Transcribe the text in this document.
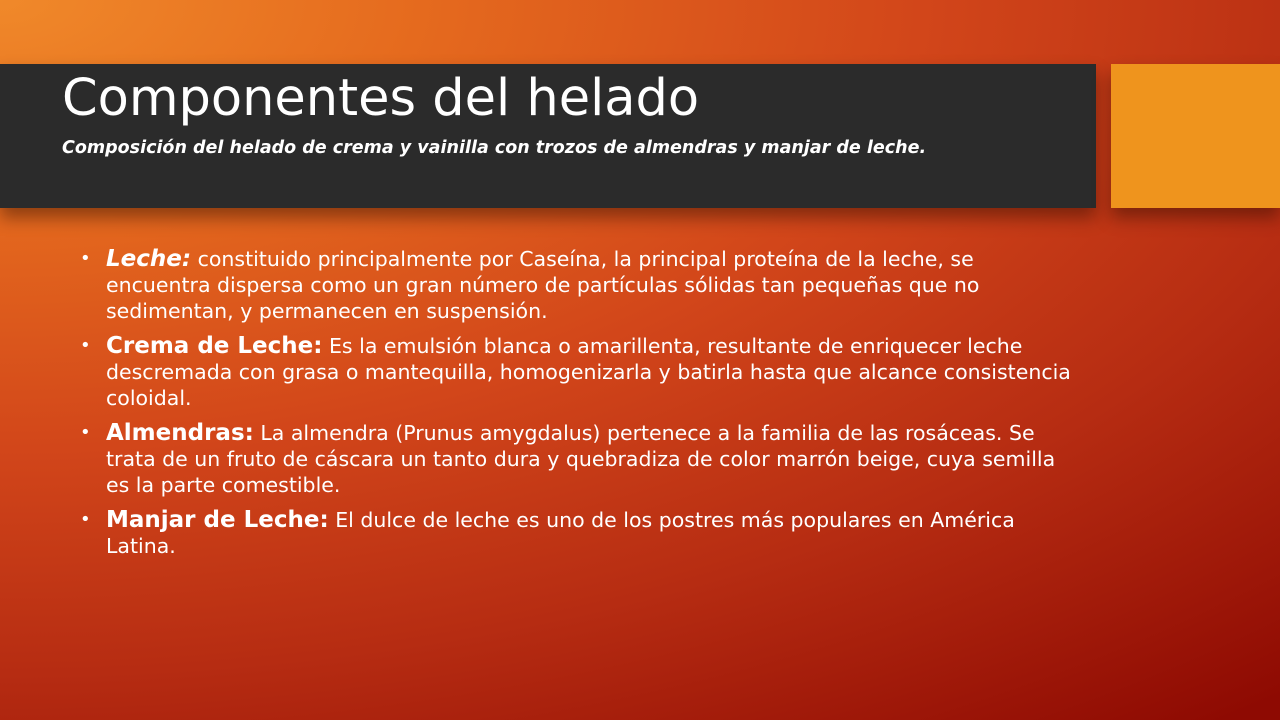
Componentes del helado

Composición del helado de crema y vainilla con trozos de almendras y manjar de leche.

• Leche: constituido principalmente por Caseína, la principal proteína de la leche, se encuentra dispersa como un gran número de partículas sólidas tan pequeñas que no sedimentan, y permanecen en suspensión.
• Crema de Leche: Es la emulsión blanca o amarillenta, resultante de enriquecer leche descremada con grasa o mantequilla, homogenizarla y batirla hasta que alcance consistencia coloidal.
• Almendras: La almendra (Prunus amygdalus) pertenece a la familia de las rosáceas. Se trata de un fruto de cáscara un tanto dura y quebradiza de color marrón beige, cuya semilla es la parte comestible.
• Manjar de Leche: El dulce de leche es uno de los postres más populares en América Latina.
